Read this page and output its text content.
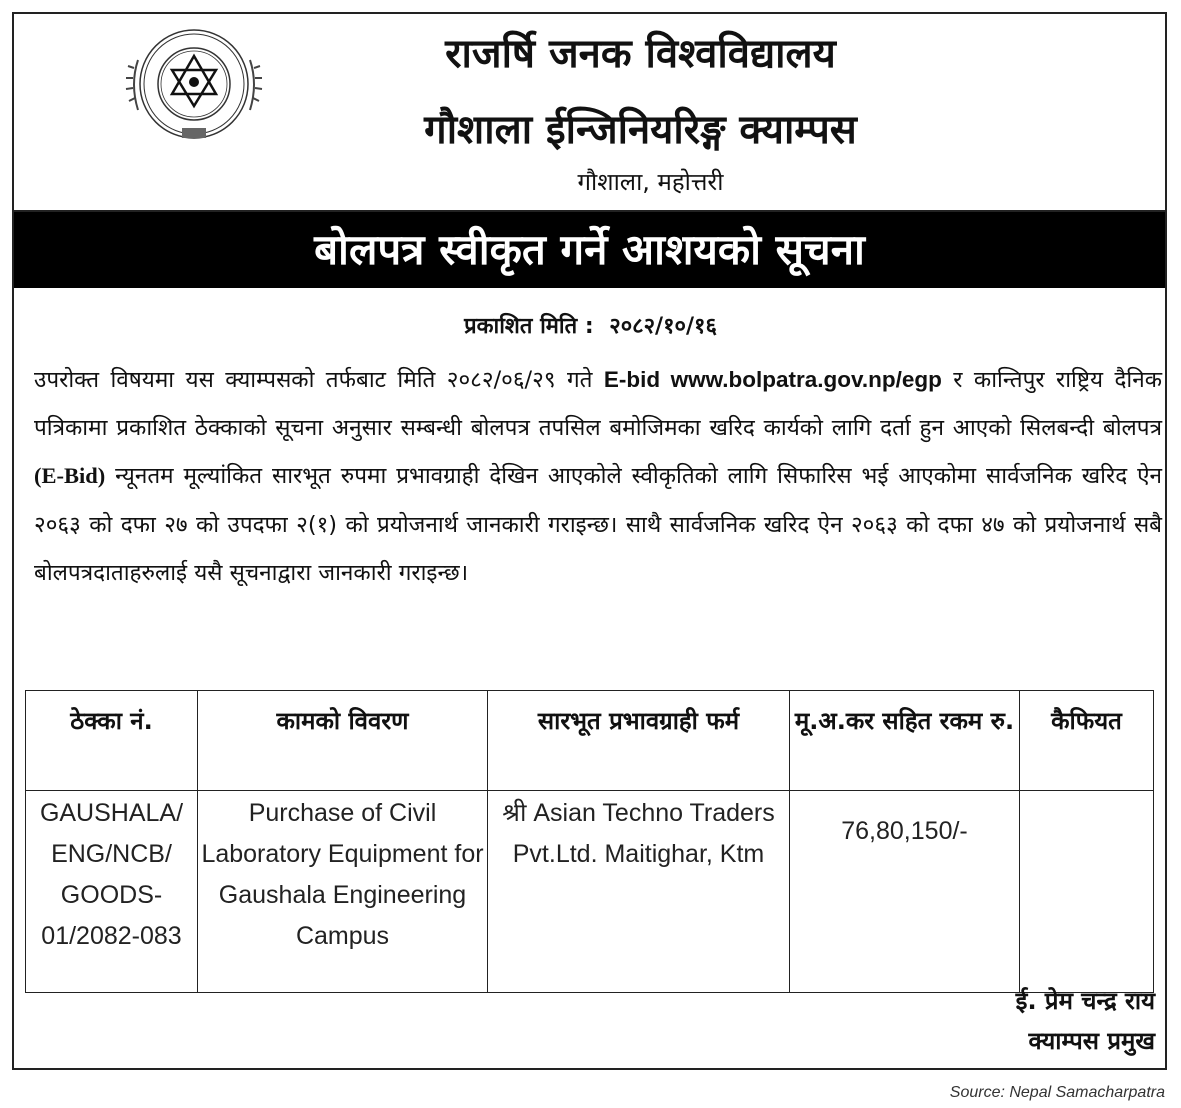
राजर्षि जनक विश्वविद्यालय
गौशाला ईन्जिनियरिङ्ग क्याम्पस
गौशाला, महोत्तरी
बोलपत्र स्वीकृत गर्ने आशयको सूचना
प्रकाशित मिति : २०८२/१०/१६
उपरोक्त विषयमा यस क्याम्पसको तर्फबाट मिति २०८२/०६/२९ गते E-bid www.bolpatra.gov.np/egp र कान्तिपुर राष्ट्रिय दैनिक पत्रिकामा प्रकाशित ठेक्काको सूचना अनुसार सम्बन्धी बोलपत्र तपसिल बमोजिमका खरिद कार्यको लागि दर्ता हुन आएको सिलबन्दी बोलपत्र (E-Bid) न्यूनतम मूल्यांकित सारभूत रुपमा प्रभावग्राही देखिन आएकोले स्वीकृतिको लागि सिफारिस भई आएकोमा सार्वजनिक खरिद ऐन २०६३ को दफा २७ को उपदफा २(१) को प्रयोजनार्थ जानकारी गराइन्छ। साथै सार्वजनिक खरिद ऐन २०६३ को दफा ४७ को प्रयोजनार्थ सबै बोलपत्रदाताहरुलाई यसै सूचनाद्वारा जानकारी गराइन्छ।
ठेक्का नं.	कामको विवरण	सारभूत प्रभावग्राही फर्म	मू.अ.कर सहित रकम रु.	कैफियत
GAUSHALA/ ENG/NCB/ GOODS- 01/2082-083	Purchase of Civil Laboratory Equipment for Gaushala Engineering Campus	श्री Asian Techno Traders Pvt.Ltd. Maitighar, Ktm	76,80,150/-	
ई. प्रेम चन्द्र राय
क्याम्पस प्रमुख
Source: Nepal Samacharpatra
